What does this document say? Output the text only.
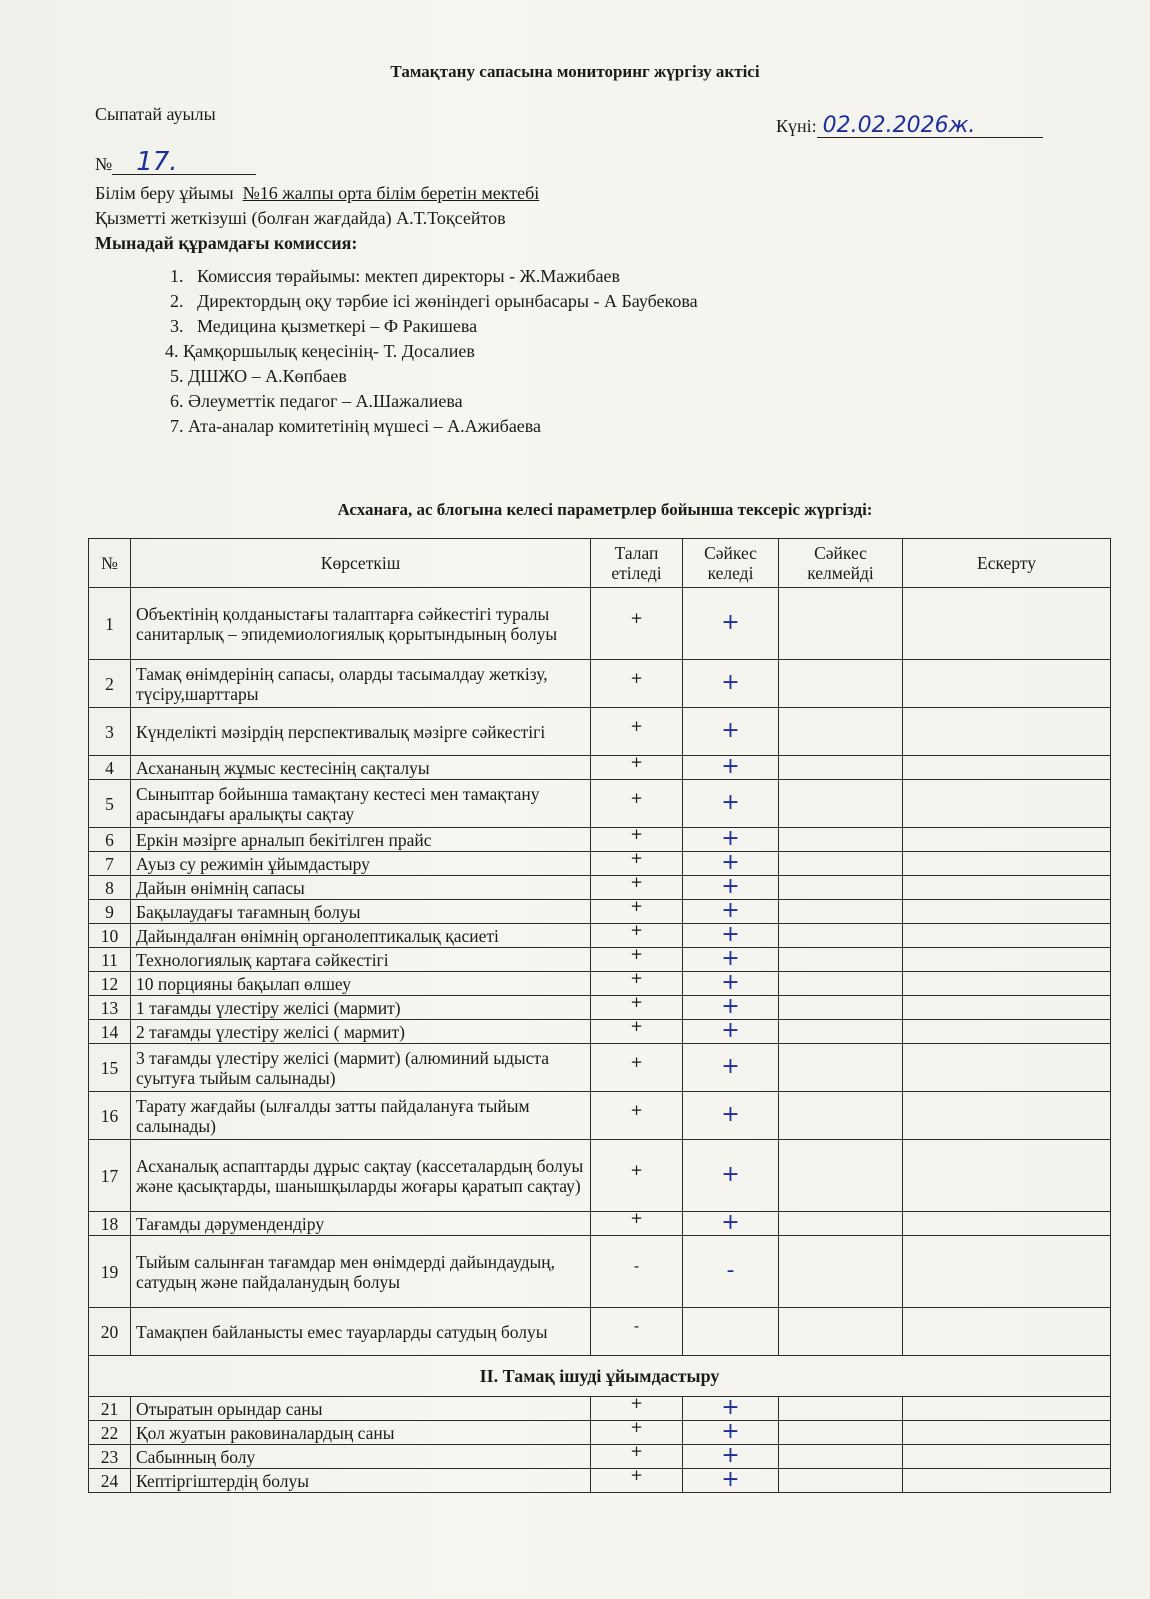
Тамақтану сапасына мониторинг жүргізу актісі
Сыпатай ауылы
Күні: 02.02.2026ж.
№ 17.
Білім беру ұйымы №16 жалпы орта білім беретін мектебі
Қызметті жеткізуші (болған жағдайда) А.Т.Тоқсейтов
Мынадай құрамдағы комиссия:
1.   Комиссия төрайымы: мектеп директоры - Ж.Мажибаев
2.   Директордың оқу тәрбие ісі жөніндегі орынбасары - А Баубекова
3.   Медицина қызметкері – Ф Ракишева
4. Қамқоршылық кеңесінің- Т. Досалиев
5. ДШЖО – А.Көпбаев
6. Әлеуметтік педагог – А.Шажалиева
7. Ата-аналар комитетінің мүшесі – А.Ажибаева
Асханаға, ас блогына келесі параметрлер бойынша тексеріс жүргізді:
№	Көрсеткіш	Талап етіледі	Сәйкес келеді	Сәйкес келмейді	Ескерту
1	Объектінің қолданыстағы талаптарға сәйкестігі туралы санитарлық – эпидемиологиялық қорытындының болуы	+	+		
2	Тамақ өнімдерінің сапасы, оларды тасымалдау жеткізу, түсіру,шарттары	+	+		
3	Күнделікті мәзірдің перспективалық мәзірге сәйкестігі	+	+		
4	Асхананың жұмыс кестесінің сақталуы	+	+		
5	Сыныптар бойынша тамақтану кестесі мен тамақтану арасындағы аралықты сақтау	+	+		
6	Еркін мәзірге арналып бекітілген прайс	+	+		
7	Ауыз су режимін ұйымдастыру	+	+		
8	Дайын өнімнің сапасы	+	+		
9	Бақылаудағы тағамның болуы	+	+		
10	Дайындалған өнімнің органолептикалық қасиеті	+	+		
11	Технологиялық картаға сәйкестігі	+	+		
12	10 порцияны бақылап өлшеу	+	+		
13	1 тағамды үлестіру желісі (мармит)	+	+		
14	2 тағамды үлестіру желісі ( мармит)	+	+		
15	3 тағамды үлестіру желісі (мармит) (алюминий ыдыста суытуға тыйым салынады)	+	+		
16	Тарату жағдайы (ылғалды затты пайдалануға тыйым салынады)	+	+		
17	Асханалық аспаптарды дұрыс сақтау (кассеталардың болуы және қасықтарды, шанышқыларды жоғары қаратып сақтау)	+	+		
18	Тағамды дәрумендендіру	+	+		
19	Тыйым салынған тағамдар мен өнімдерді дайындаудың, сатудың және пайдаланудың болуы	-	-		
20	Тамақпен байланысты емес тауарларды сатудың болуы	-			

II. Тамақ ішуді ұйымдастыру					
21	Отыратын орындар саны	+	+		
22	Қол жуатын раковиналардың саны	+	+		
23	Сабынның болу	+	+		
24	Кептіргіштердің болуы	+	+		
